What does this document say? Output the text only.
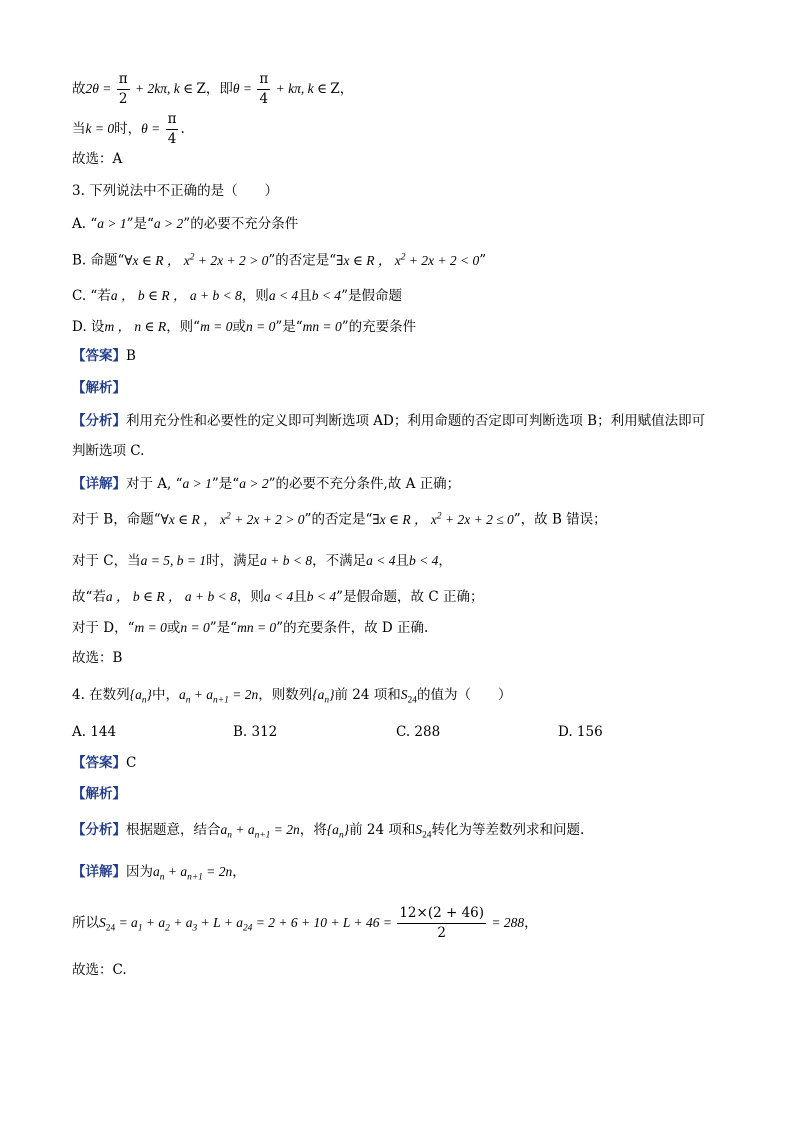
故$2\theta = \frac{\pi}{2} + 2k\pi$, k ∈ Z，即$\theta = \frac{\pi}{4} + k\pi$, k ∈ Z，
当k = 0时，$\theta = \frac{\pi}{4}$ .
故选：A
3. 下列说法中不正确的是（　　）
A. “a > 1”是“a > 2”的必要不充分条件
B. 命题“∀x ∈ R ， $x^2 + 2x + 2 > 0$”的否定是“∃x ∈ R ， $x^2 + 2x + 2 < 0$”
C. “若a ， b ∈ R ， a + b < 8，则a < 4且b < 4”是假命题
D. 设m ， n ∈ R，则“m = 0或n = 0”是“mn = 0”的充要条件
【答案】B
【解析】
【分析】利用充分性和必要性的定义即可判断选项 AD；利用命题的否定即可判断选项 B；利用赋值法即可
判断选项 C.
【详解】对于 A, “a > 1”是“a > 2”的必要不充分条件,故 A 正确；
对于 B，命题“∀x ∈ R ， $x^2 + 2x + 2 > 0$”的否定是“∃x ∈ R ， $x^2 + 2x + 2 \le 0$”，故 B 错误；
对于 C，当a = 5, b = 1时，满足a + b < 8，不满足a < 4且b < 4，
故“若a ， b ∈ R ， a + b < 8，则a < 4且b < 4”是假命题，故 C 正确；
对于 D，“m = 0或n = 0”是“mn = 0”的充要条件，故 D 正确.
故选：B
4. 在数列$\{a_n\}$中，$a_n + a_{n+1} = 2n$，则数列$\{a_n\}$前 24 项和$S_{24}$的值为（　　）
A. 144	B. 312	C. 288	D. 156
【答案】C
【解析】
【分析】根据题意，结合$a_n + a_{n+1} = 2n$，将$\{a_n\}$前 24 项和$S_{24}$转化为等差数列求和问题.
【详解】因为$a_n + a_{n+1} = 2n$，
所以$S_{24} = a_1 + a_2 + a_3 + L + a_{24} = 2 + 6 + 10 + L + 46 = \frac{12\times(2 + 46)}{2} = 288$，
故选：C.
